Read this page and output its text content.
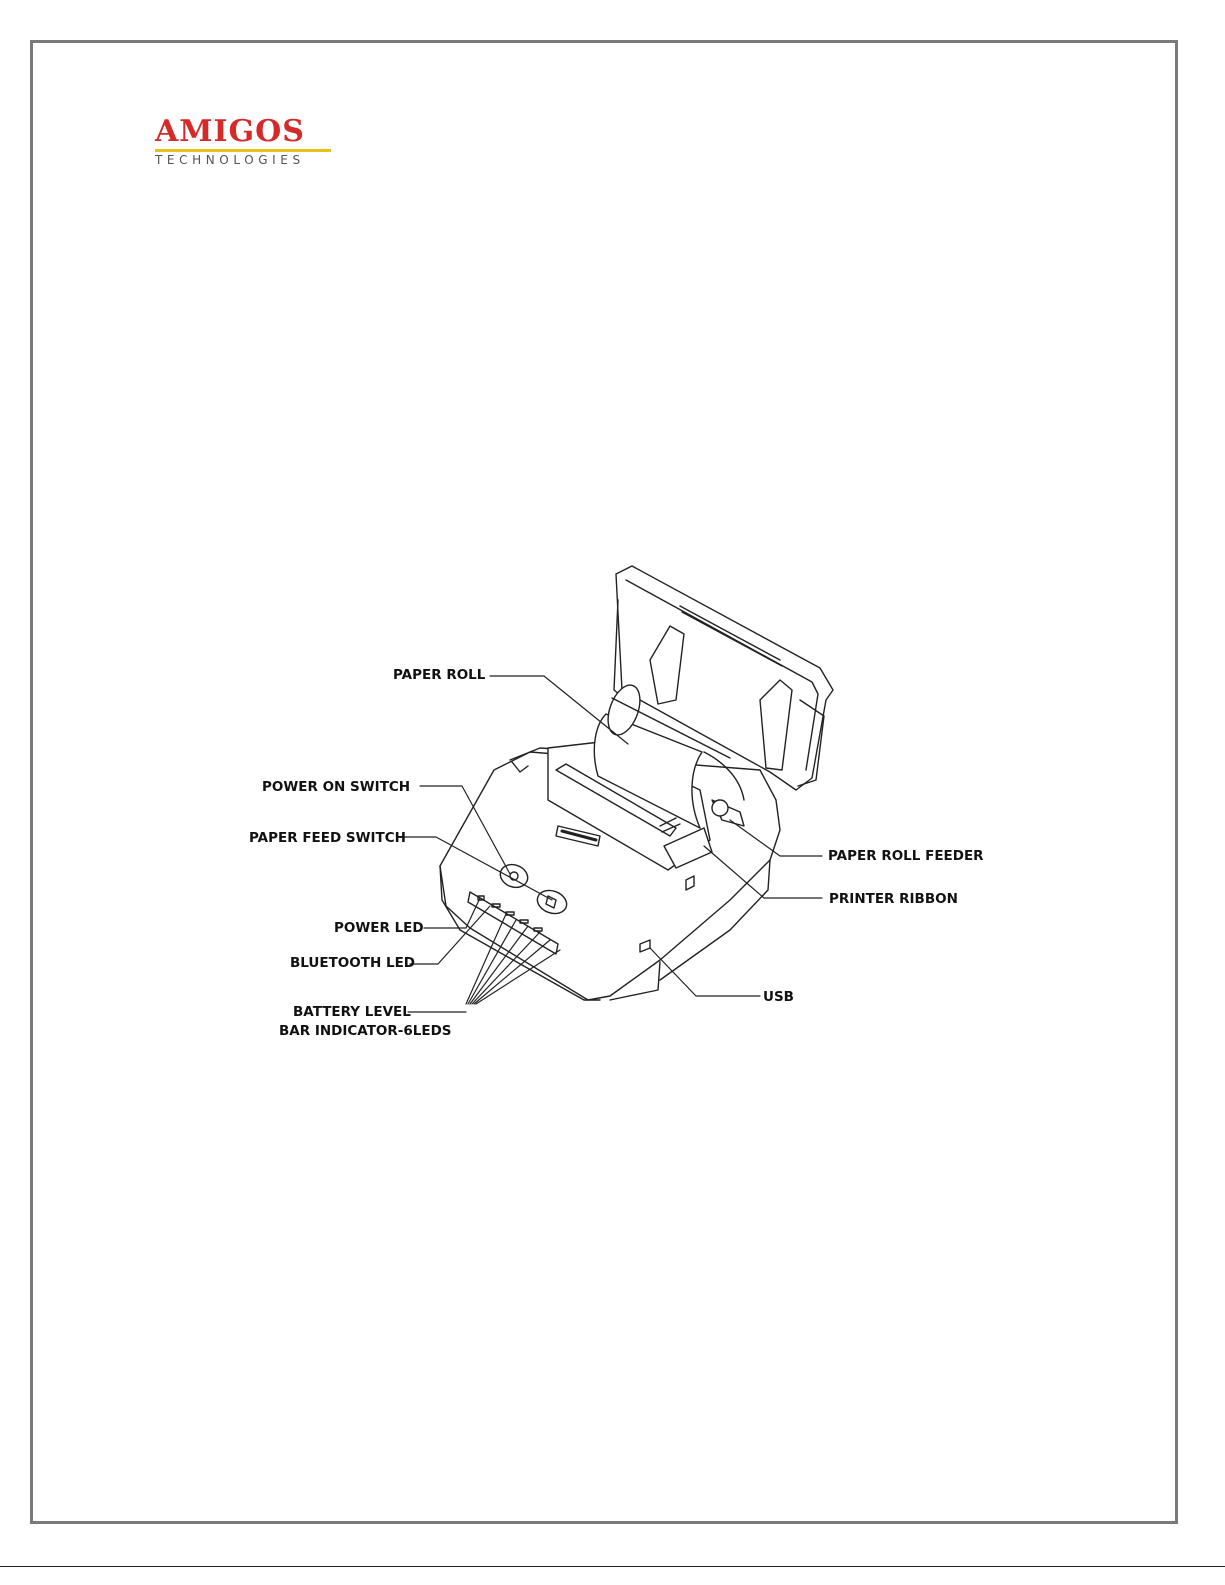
AMIGOS
TECHNOLOGIES
PAPER ROLL
POWER ON SWITCH
PAPER FEED SWITCH
POWER LED
BLUETOOTH LED
BATTERY LEVEL
BAR INDICATOR-6LEDS
PAPER ROLL FEEDER
PRINTER RIBBON
USB
